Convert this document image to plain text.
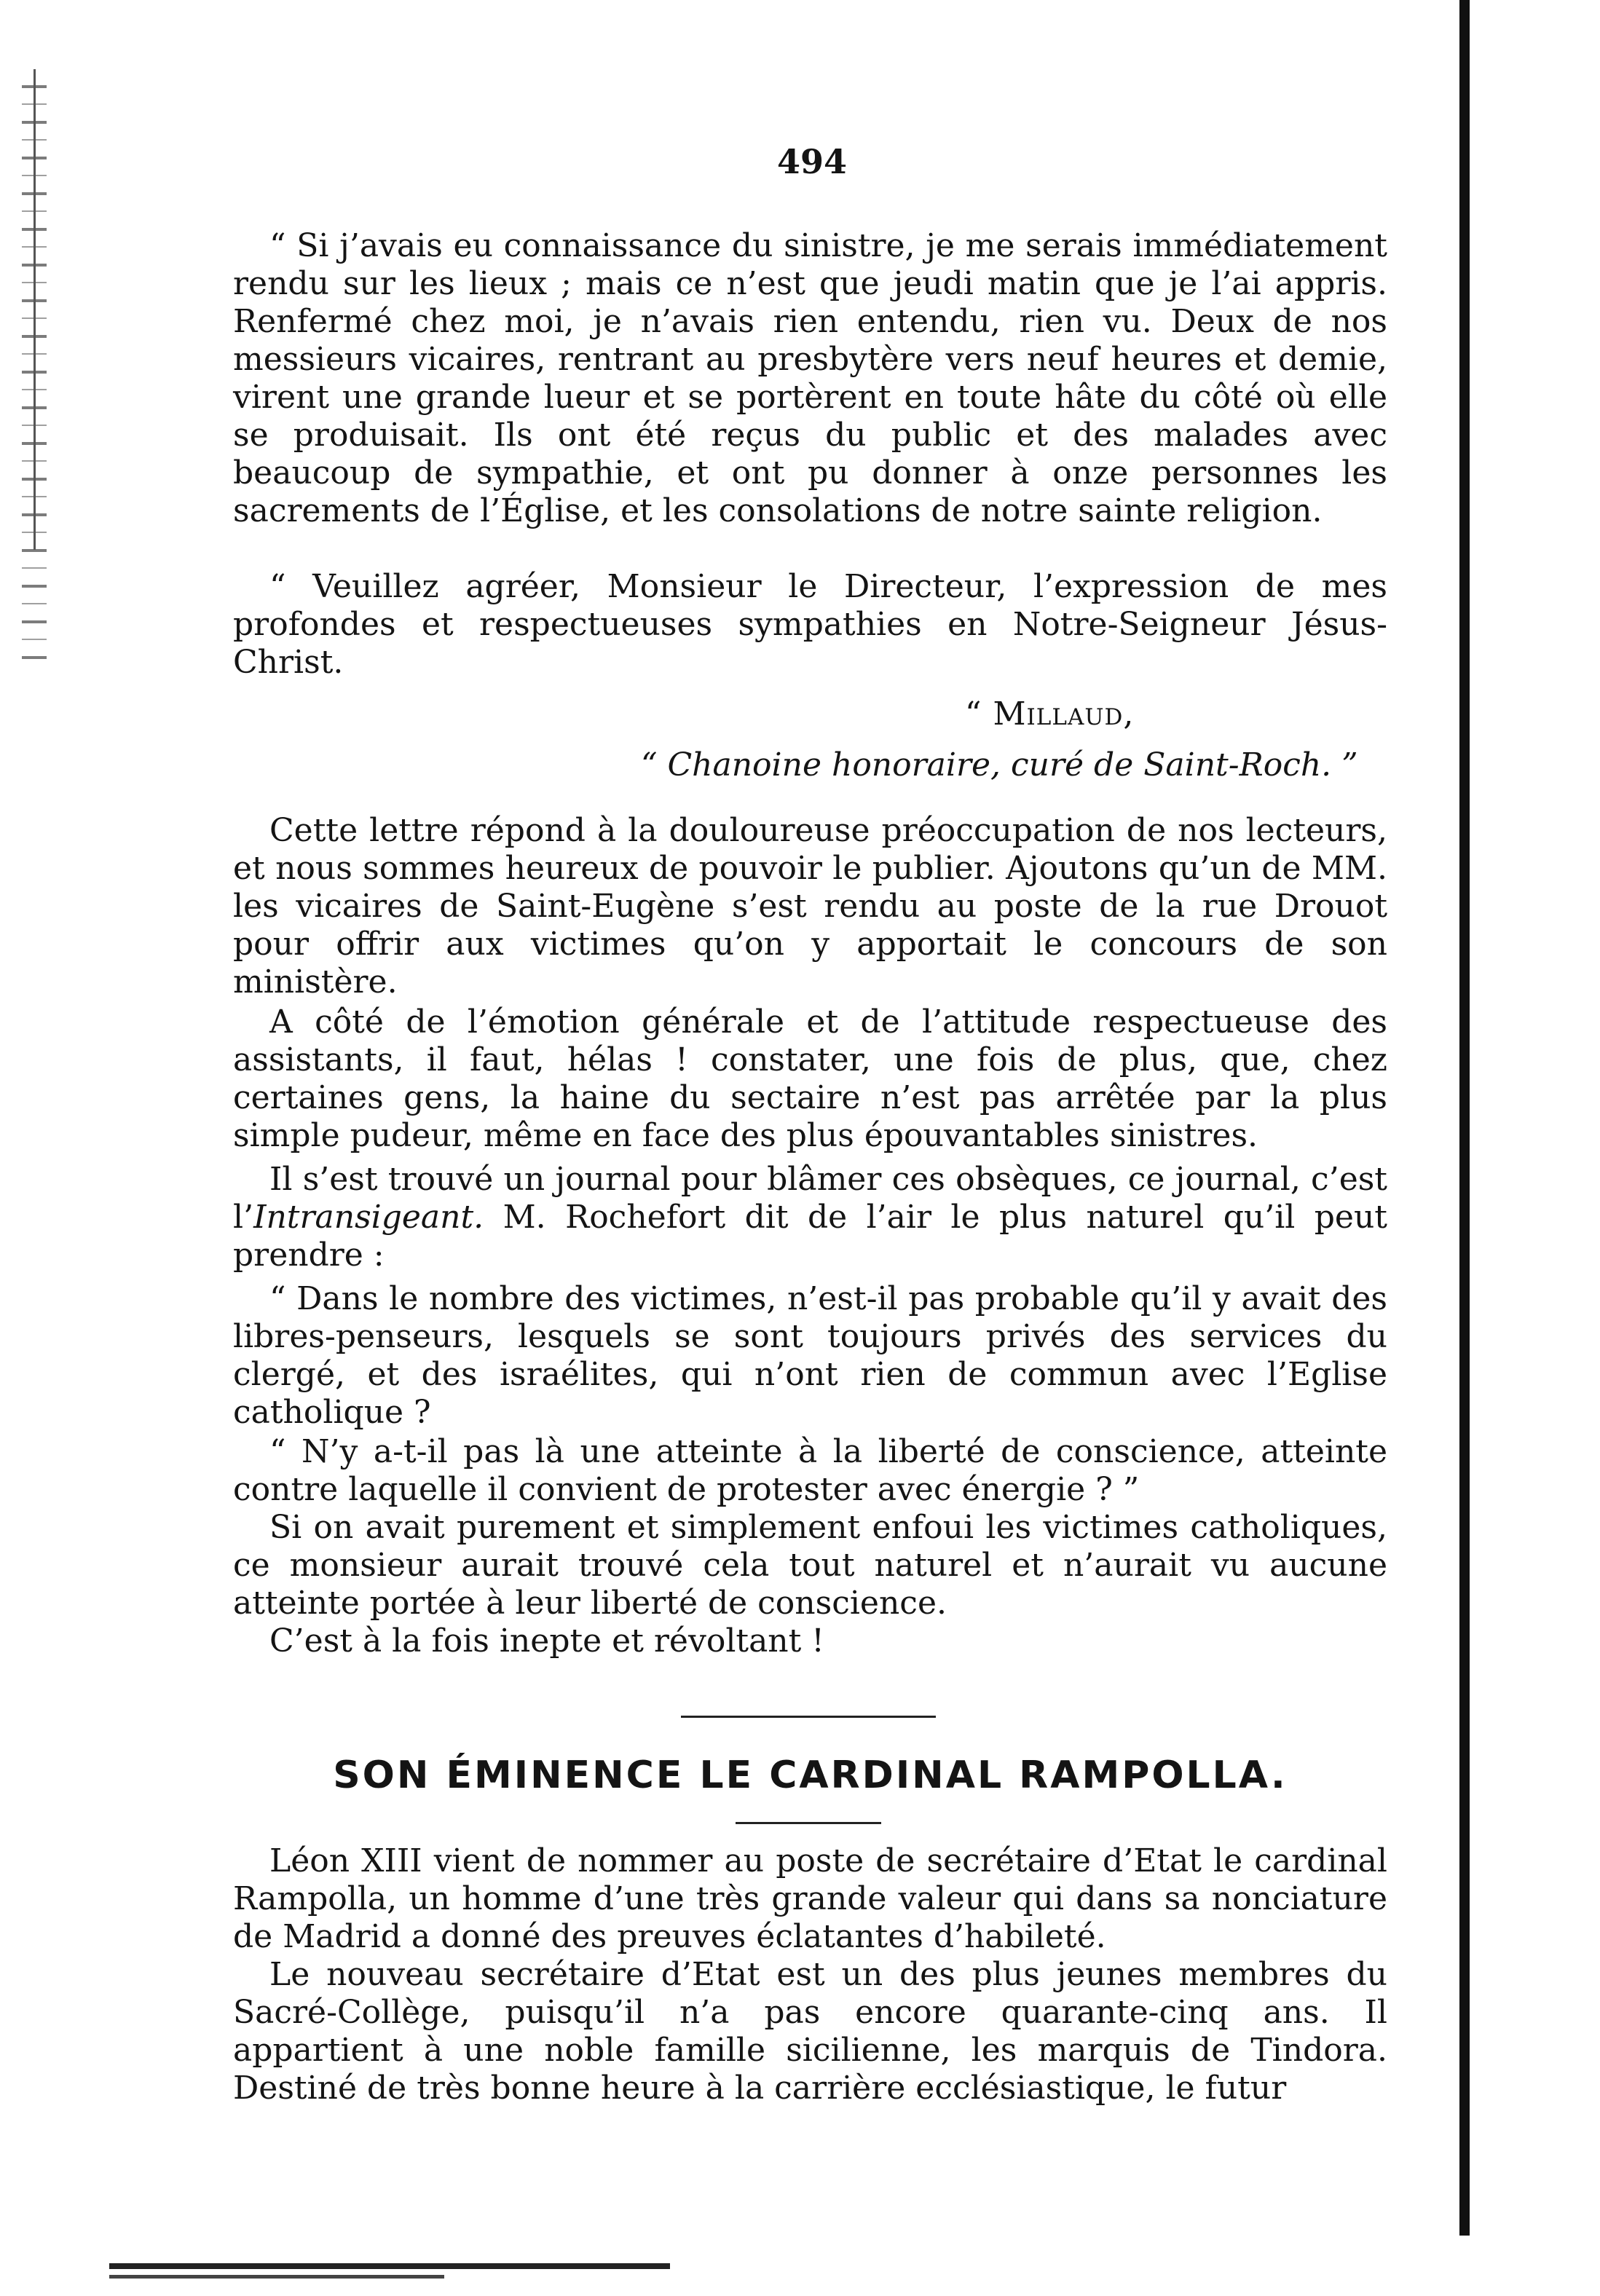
494

“ Si j’avais eu connaissance du sinistre, je me serais immédiatement rendu sur les lieux ; mais ce n’est que jeudi matin que je l’ai appris. Renfermé chez moi, je n’avais rien entendu, rien vu. Deux de nos messieurs vicaires, rentrant au presbytère vers neuf heures et demie, virent une grande lueur et se portèrent en toute hâte du côté où elle se produisait. Ils ont été reçus du public et des malades avec beaucoup de sympathie, et ont pu donner à onze personnes les sacrements de l’Église, et les consolations de notre sainte religion.

“ Veuillez agréer, Monsieur le Directeur, l’expression de mes profondes et respectueuses sympathies en Notre-Seigneur Jésus-Christ.

“ Millaud,

“ Chanoine honoraire, curé de Saint-Roch. ”

Cette lettre répond à la douloureuse préoccupation de nos lecteurs, et nous sommes heureux de pouvoir le publier. Ajoutons qu’un de MM. les vicaires de Saint-Eugène s’est rendu au poste de la rue Drouot pour offrir aux victimes qu’on y apportait le concours de son ministère.

A côté de l’émotion générale et de l’attitude respectueuse des assistants, il faut, hélas ! constater, une fois de plus, que, chez certaines gens, la haine du sectaire n’est pas arrêtée par la plus simple pudeur, même en face des plus épouvantables sinistres.

Il s’est trouvé un journal pour blâmer ces obsèques, ce journal, c’est l’Intransigeant. M. Rochefort dit de l’air le plus naturel qu’il peut prendre :

“ Dans le nombre des victimes, n’est-il pas probable qu’il y avait des libres-penseurs, lesquels se sont toujours privés des services du clergé, et des israélites, qui n’ont rien de commun avec l’Eglise catholique ?

“ N’y a-t-il pas là une atteinte à la liberté de conscience, atteinte contre laquelle il convient de protester avec énergie ? ”

Si on avait purement et simplement enfoui les victimes catholiques, ce monsieur aurait trouvé cela tout naturel et n’aurait vu aucune atteinte portée à leur liberté de conscience.

C’est à la fois inepte et révoltant !

SON ÉMINENCE LE CARDINAL RAMPOLLA.

Léon XIII vient de nommer au poste de secrétaire d’Etat le cardinal Rampolla, un homme d’une très grande valeur qui dans sa nonciature de Madrid a donné des preuves éclatantes d’habileté.

Le nouveau secrétaire d’Etat est un des plus jeunes membres du Sacré-Collège, puisqu’il n’a pas encore quarante-cinq ans. Il appartient à une noble famille sicilienne, les marquis de Tindora. Destiné de très bonne heure à la carrière ecclésiastique, le futur
